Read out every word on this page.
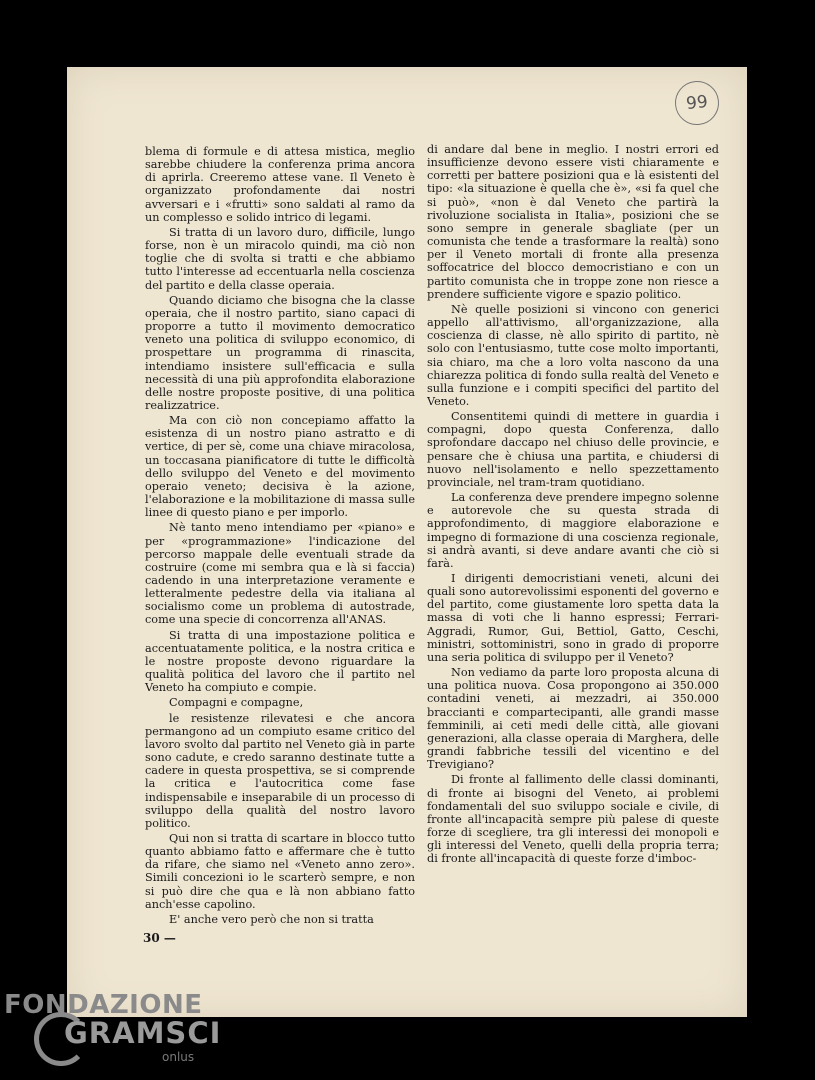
99

blema di formule e di attesa mistica, meglio sarebbe chiudere la conferenza prima ancora di aprirla. Creeremo attese vane. Il Veneto è organizzato profondamente dai nostri avversari e i «frutti» sono saldati al ramo da un complesso e solido intrico di legami.

Si tratta di un lavoro duro, difficile, lungo forse, non è un miracolo quindi, ma ciò non toglie che di svolta si tratti e che abbiamo tutto l'interesse ad eccentuarla nella coscienza del partito e della classe operaia.

Quando diciamo che bisogna che la classe operaia, che il nostro partito, siano capaci di proporre a tutto il movimento democratico veneto una politica di sviluppo economico, di prospettare un programma di rinascita, intendiamo insistere sull'efficacia e sulla necessità di una più approfondita elaborazione delle nostre proposte positive, di una politica realizzatrice.

Ma con ciò non concepiamo affatto la esistenza di un nostro piano astratto e di vertice, di per sè, come una chiave miracolosa, un toccasana pianificatore di tutte le difficoltà dello sviluppo del Veneto e del movimento operaio veneto; decisiva è la azione, l'elaborazione e la mobilitazione di massa sulle linee di questo piano e per imporlo.

Nè tanto meno intendiamo per «piano» e per «programmazione» l'indicazione del percorso mappale delle eventuali strade da costruire (come mi sembra qua e là si faccia) cadendo in una interpretazione veramente e letteralmente pedestre della via italiana al socialismo come un problema di autostrade, come una specie di concorrenza all'ANAS.

Si tratta di una impostazione politica e accentuatamente politica, e la nostra critica e le nostre proposte devono riguardare la qualità politica del lavoro che il partito nel Veneto ha compiuto e compie.

Compagni e compagne,

le resistenze rilevatesi e che ancora permangono ad un compiuto esame critico del lavoro svolto dal partito nel Veneto già in parte sono cadute, e credo saranno destinate tutte a cadere in questa prospettiva, se si comprende la critica e l'autocritica come fase indispensabile e inseparabile di un processo di sviluppo della qualità del nostro lavoro politico.

Qui non si tratta di scartare in blocco tutto quanto abbiamo fatto e affermare che è tutto da rifare, che siamo nel «Veneto anno zero». Simili concezioni io le scarterò sempre, e non si può dire che qua e là non abbiano fatto anch'esse capolino.

E' anche vero però che non si tratta

di andare dal bene in meglio. I nostri errori ed insufficienze devono essere visti chiaramente e corretti per battere posizioni qua e là esistenti del tipo: «la situazione è quella che è», «si fa quel che si può», «non è dal Veneto che partirà la rivoluzione socialista in Italia», posizioni che se sono sempre in generale sbagliate (per un comunista che tende a trasformare la realtà) sono per il Veneto mortali di fronte alla presenza soffocatrice del blocco democristiano e con un partito comunista che in troppe zone non riesce a prendere sufficiente vigore e spazio politico.

Nè quelle posizioni si vincono con generici appello all'attivismo, all'organizzazione, alla coscienza di classe, nè allo spirito di partito, nè solo con l'entusiasmo, tutte cose molto importanti, sia chiaro, ma che a loro volta nascono da una chiarezza politica di fondo sulla realtà del Veneto e sulla funzione e i compiti specifici del partito del Veneto.

Consentitemi quindi di mettere in guardia i compagni, dopo questa Conferenza, dallo sprofondare daccapo nel chiuso delle provincie, e pensare che è chiusa una partita, e chiudersi di nuovo nell'isolamento e nello spezzettamento provinciale, nel tram-tram quotidiano.

La conferenza deve prendere impegno solenne e autorevole che su questa strada di approfondimento, di maggiore elaborazione e impegno di formazione di una coscienza regionale, si andrà avanti, si deve andare avanti che ciò si farà.

I dirigenti democristiani veneti, alcuni dei quali sono autorevolissimi esponenti del governo e del partito, come giustamente loro spetta data la massa di voti che li hanno espressi; Ferrari-Aggradi, Rumor, Gui, Bettiol, Gatto, Ceschi, ministri, sottoministri, sono in grado di proporre una seria politica di sviluppo per il Veneto?

Non vediamo da parte loro proposta alcuna di una politica nuova. Cosa propongono ai 350.000 contadini veneti, ai mezzadri, ai 350.000 braccianti e compartecipanti, alle grandi masse femminili, ai ceti medi delle città, alle giovani generazioni, alla classe operaia di Marghera, delle grandi fabbriche tessili del vicentino e del Trevigiano?

Di fronte al fallimento delle classi dominanti, di fronte ai bisogni del Veneto, ai problemi fondamentali del suo sviluppo sociale e civile, di fronte all'incapacità sempre più palese di queste forze di scegliere, tra gli interessi dei monopoli e gli interessi del Veneto, quelli della propria terra; di fronte all'incapacità di queste forze d'imboc-

30 —
FONDAZIONE
GRAMSCI
onlus
